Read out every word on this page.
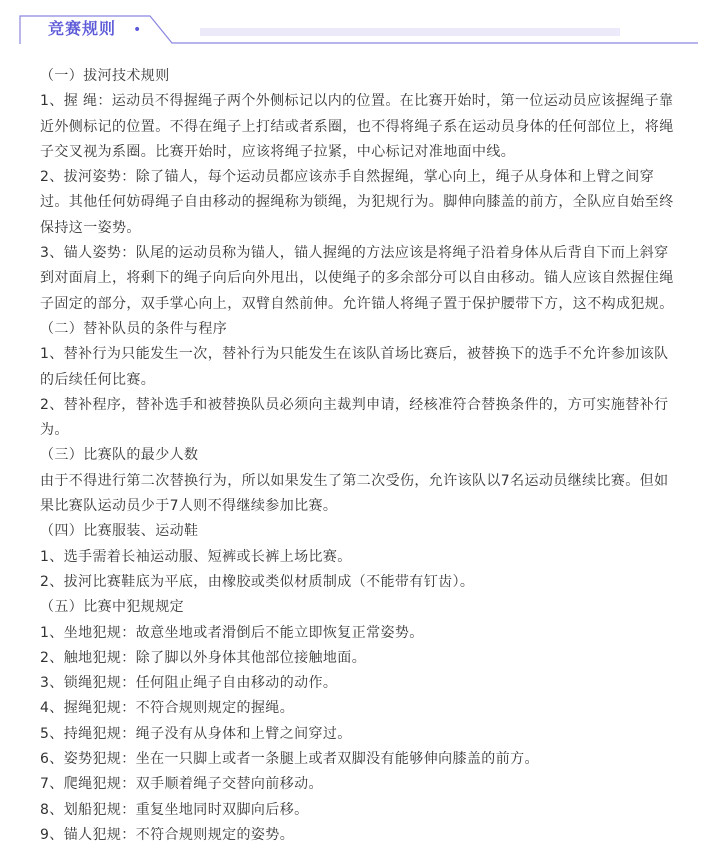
竞赛规则 •

（一）拔河技术规则

1、握 绳：运动员不得握绳子两个外侧标记以内的位置。在比赛开始时，第一位运动员应该握绳子靠近外侧标记的位置。不得在绳子上打结或者系圈，也不得将绳子系在运动员身体的任何部位上，将绳子交叉视为系圈。比赛开始时，应该将绳子拉紧，中心标记对准地面中线。

2、拔河姿势：除了锚人，每个运动员都应该赤手自然握绳，掌心向上，绳子从身体和上臂之间穿过。其他任何妨碍绳子自由移动的握绳称为锁绳，为犯规行为。脚伸向膝盖的前方，全队应自始至终保持这一姿势。

3、锚人姿势：队尾的运动员称为锚人，锚人握绳的方法应该是将绳子沿着身体从后背自下而上斜穿到对面肩上，将剩下的绳子向后向外甩出，以使绳子的多余部分可以自由移动。锚人应该自然握住绳子固定的部分，双手掌心向上，双臂自然前伸。允许锚人将绳子置于保护腰带下方，这不构成犯规。

（二）替补队员的条件与程序

1、替补行为只能发生一次，替补行为只能发生在该队首场比赛后，被替换下的选手不允许参加该队的后续任何比赛。

2、替补程序，替补选手和被替换队员必须向主裁判申请，经核准符合替换条件的，方可实施替补行为。

（三）比赛队的最少人数

由于不得进行第二次替换行为，所以如果发生了第二次受伤，允许该队以7名运动员继续比赛。但如果比赛队运动员少于7人则不得继续参加比赛。

（四）比赛服装、运动鞋

1、选手需着长袖运动服、短裤或长裤上场比赛。

2、拔河比赛鞋底为平底，由橡胶或类似材质制成（不能带有钉齿）。

（五）比赛中犯规规定

1、坐地犯规：故意坐地或者滑倒后不能立即恢复正常姿势。

2、触地犯规：除了脚以外身体其他部位接触地面。

3、锁绳犯规：任何阻止绳子自由移动的动作。

4、握绳犯规：不符合规则规定的握绳。

5、持绳犯规：绳子没有从身体和上臂之间穿过。

6、姿势犯规：坐在一只脚上或者一条腿上或者双脚没有能够伸向膝盖的前方。

7、爬绳犯规：双手顺着绳子交替向前移动。

8、划船犯规：重复坐地同时双脚向后移。

9、锚人犯规：不符合规则规定的姿势。
